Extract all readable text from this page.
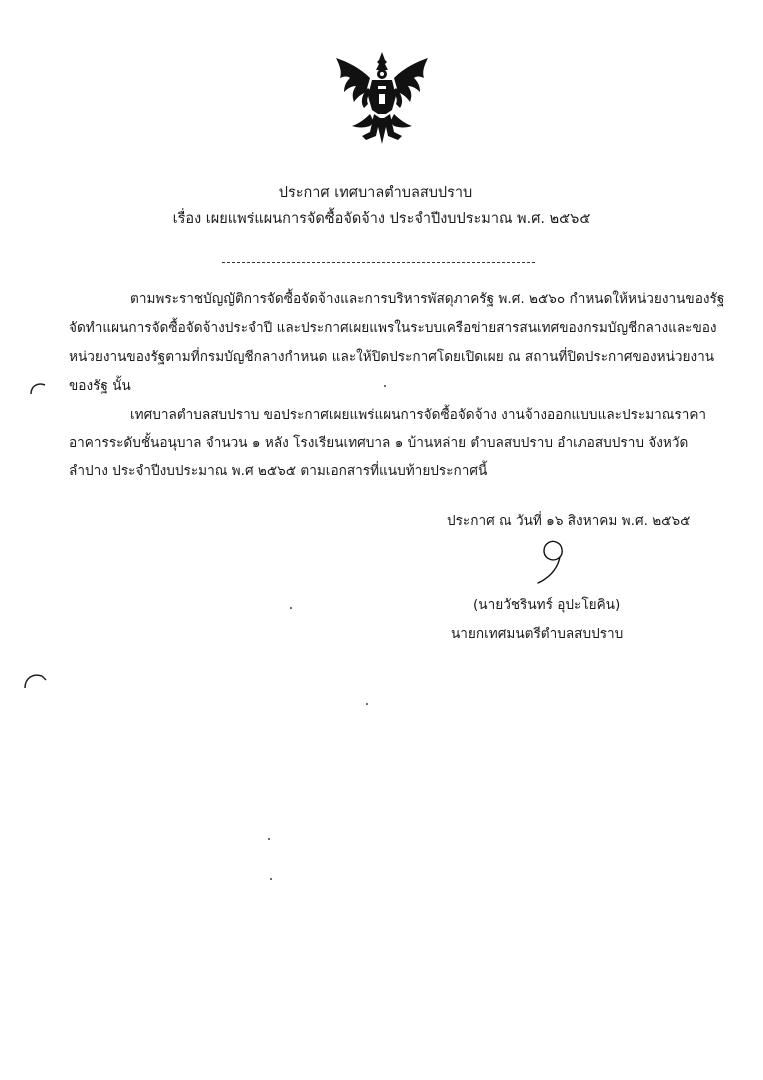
ประกาศ เทศบาลตำบลสบปราบ
เรื่อง เผยแพร่แผนการจัดซื้อจัดจ้าง ประจำปีงบประมาณ พ.ศ. ๒๕๖๕
ตามพระราชบัญญัติการจัดซื้อจัดจ้างและการบริหารพัสดุภาครัฐ พ.ศ. ๒๕๖๐ กำหนดให้หน่วยงานของรัฐ
จัดทำแผนการจัดซื้อจัดจ้างประจำปี และประกาศเผยแพรในระบบเครือข่ายสารสนเทศของกรมบัญชีกลางและของ
หน่วยงานของรัฐตามที่กรมบัญชีกลางกำหนด และให้ปิดประกาศโดยเปิดเผย ณ สถานที่ปิดประกาศของหน่วยงาน
ของรัฐ นั้น
เทศบาลตำบลสบปราบ ขอประกาศเผยแพร่แผนการจัดซื้อจัดจ้าง งานจ้างออกแบบและประมาณราคา
อาคารระดับชั้นอนุบาล จำนวน ๑ หลัง โรงเรียนเทศบาล ๑ บ้านหล่าย ตำบลสบปราบ อำเภอสบปราบ จังหวัด
ลำปาง ประจำปีงบประมาณ พ.ศ ๒๕๖๕ ตามเอกสารที่แนบท้ายประกาศนี้
ประกาศ ณ วันที่ ๑๖ สิงหาคม พ.ศ. ๒๕๖๕
(นายวัชรินทร์ อุปะโยคิน)
นายกเทศมนตรีตำบลสบปราบ
